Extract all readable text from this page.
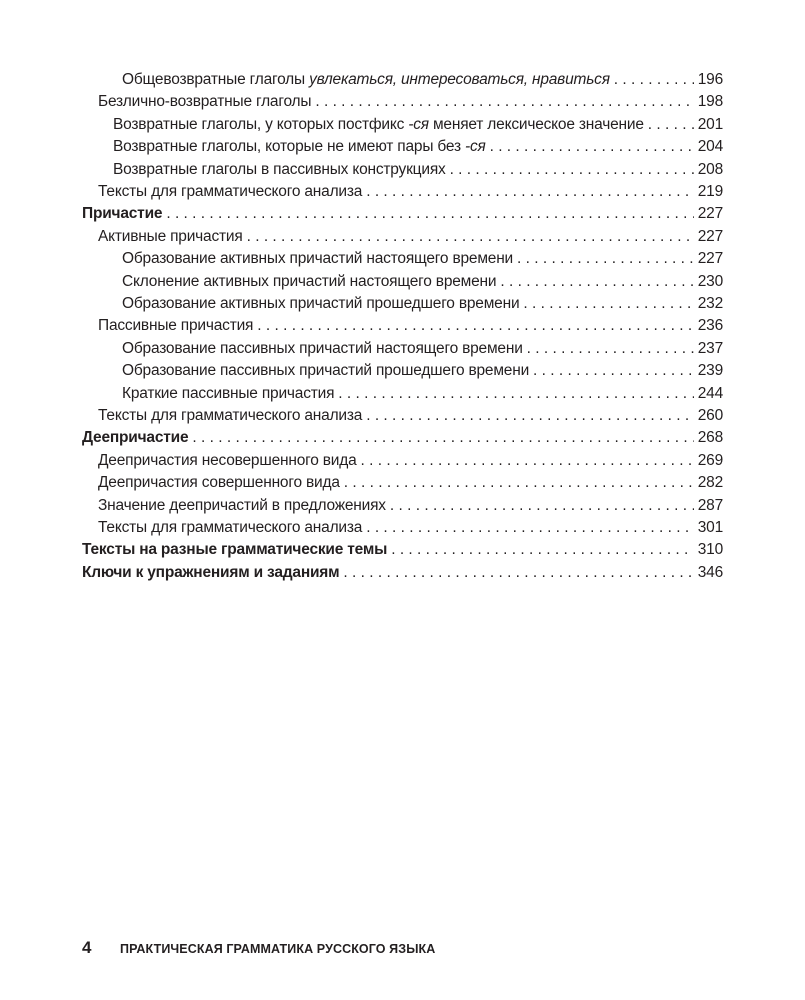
Общевозвратные глаголы увлекаться, интересоваться, нравиться . . .	196
Безлично-возвратные глаголы . . .	198
Возвратные глаголы, у которых постфикс -ся меняет лексическое значение . . .	201
Возвратные глаголы, которые не имеют пары без -ся . . .	204
Возвратные глаголы в пассивных конструкциях . . .	208
Тексты для грамматического анализа . . .	219
Причастие . . .	227
Активные причастия . . .	227
Образование активных причастий настоящего времени . . .	227
Склонение активных причастий настоящего времени . . .	230
Образование активных причастий прошедшего времени . . .	232
Пассивные причастия . . .	236
Образование пассивных причастий настоящего времени . . .	237
Образование пассивных причастий прошедшего времени . . .	239
Краткие пассивные причастия . . .	244
Тексты для грамматического анализа . . .	260
Деепричастие . . .	268
Деепричастия несовершенного вида . . .	269
Деепричастия совершенного вида . . .	282
Значение деепричастий в предложениях . . .	287
Тексты для грамматического анализа . . .	301
Тексты на разные грамматические темы . . .	310
Ключи к упражнениям и заданиям . . .	346
4	ПРАКТИЧЕСКАЯ ГРАММАТИКА РУССКОГО ЯЗЫКА
